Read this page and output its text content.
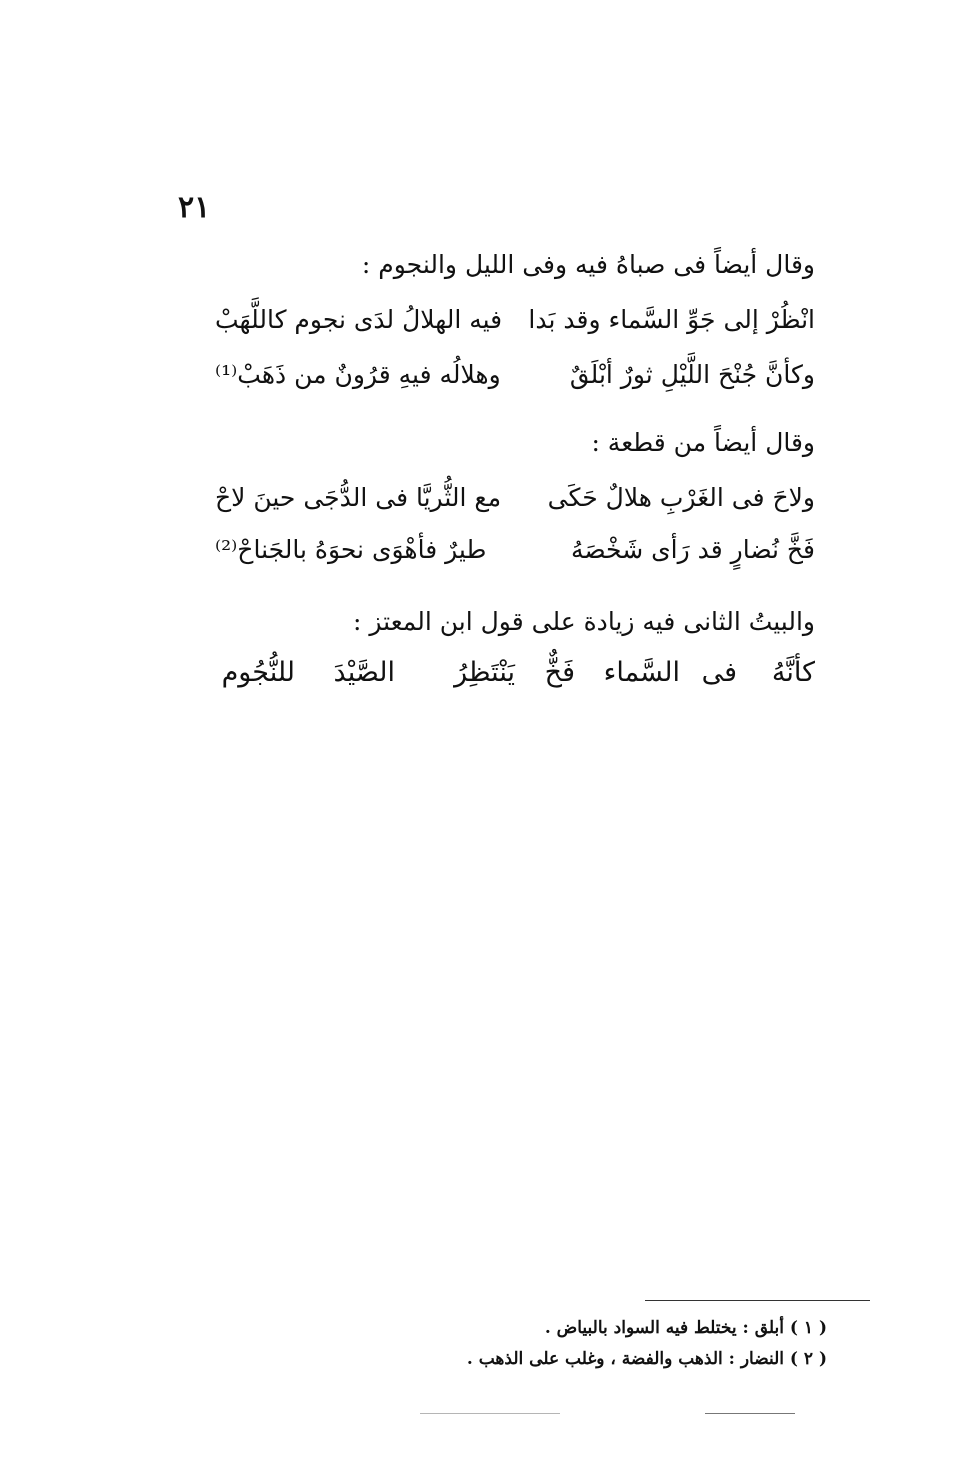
٢١
وقال أيضاً فى صباهُ فيه وفى الليل والنجوم :
انْظُرْ إلى جَوِّ السَّماء وقد بَدا
فيه الهلالُ لدَى نجوم كاللَّهَبْ
وكأنَّ جُنْحَ اللَّيْلِ ثورٌ أبْلَقٌ
وهلالُه فيهِ قرُونٌ من ذَهَبْ⁽¹⁾
وقال أيضاً من قطعة :
ولاحَ فى الغَرْبِ هلالٌ حَكَى
مع الثُّريَّا فى الدُّجَى حينَ لاحْ
فَخَّ نُضارٍ قد رَأى شَخْصَهُ
طيرٌ فأهْوَى نحوَهُ بالجَناحْ⁽²⁾
والبيتُ الثانى فيه زيادة على قول ابن المعتز :
كأنَّهُ
فى
السَّماء
فَخٌّ
يَنْتَظِرُ
الصَّيْدَ
للنُّجُوم
( ١ ) أبلق : يختلط فيه السواد بالبياض .
( ٢ ) النضار : الذهب والفضة ، وغلب على الذهب .
